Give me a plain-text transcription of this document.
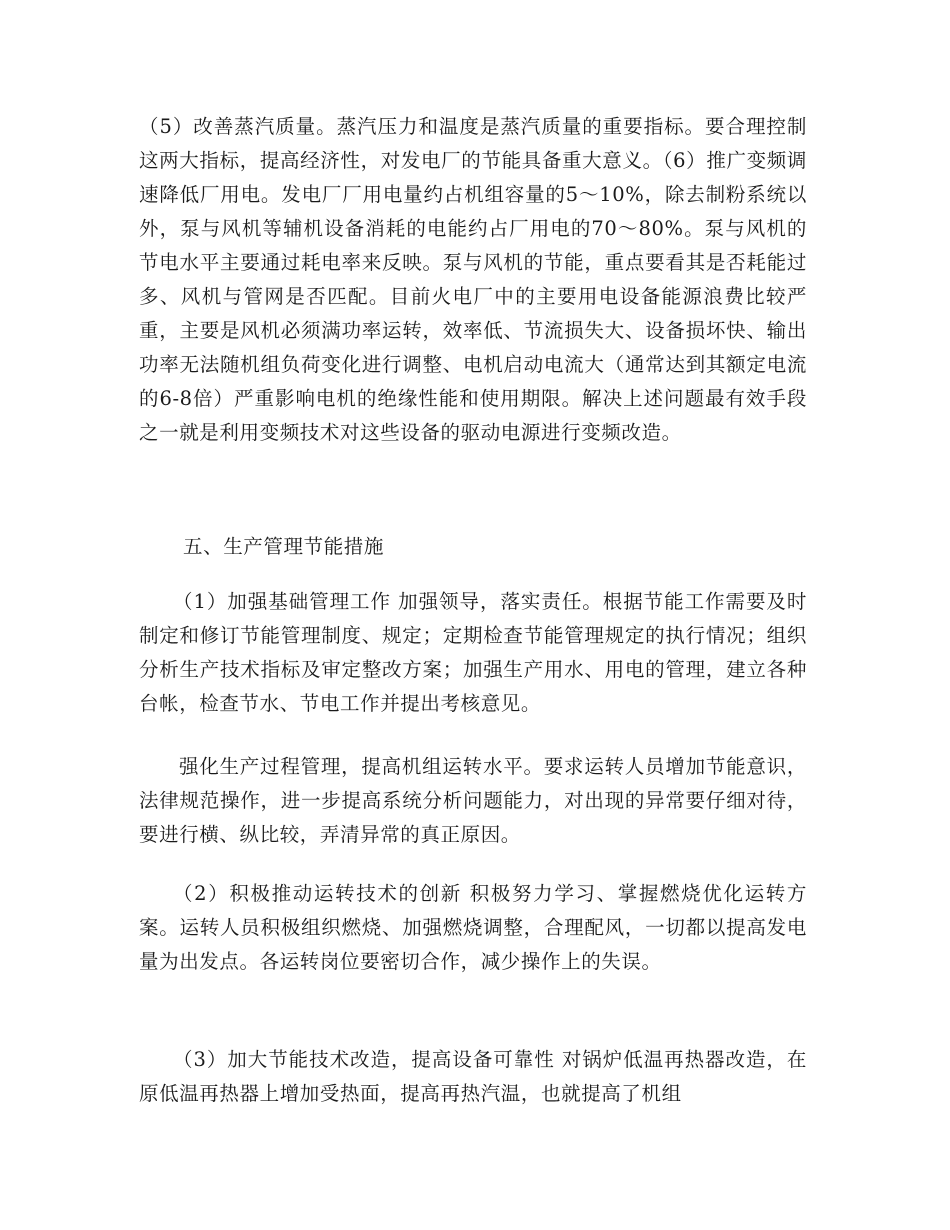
（5）改善蒸汽质量。蒸汽压力和温度是蒸汽质量的重要指标。要合理控制这两大指标，提高经济性，对发电厂的节能具备重大意义。（6）推广变频调速降低厂用电。发电厂厂用电量约占机组容量的5～10%，除去制粉系统以外，泵与风机等辅机设备消耗的电能约占厂用电的70～80%。泵与风机的节电水平主要通过耗电率来反映。泵与风机的节能，重点要看其是否耗能过多、风机与管网是否匹配。目前火电厂中的主要用电设备能源浪费比较严重，主要是风机必须满功率运转，效率低、节流损失大、设备损坏快、输出功率无法随机组负荷变化进行调整、电机启动电流大（通常达到其额定电流的6-8倍）严重影响电机的绝缘性能和使用期限。解决上述问题最有效手段之一就是利用变频技术对这些设备的驱动电源进行变频改造。

五、生产管理节能措施

（1）加强基础管理工作 加强领导，落实责任。根据节能工作需要及时制定和修订节能管理制度、规定；定期检查节能管理规定的执行情况；组织分析生产技术指标及审定整改方案；加强生产用水、用电的管理，建立各种台帐，检查节水、节电工作并提出考核意见。

强化生产过程管理，提高机组运转水平。要求运转人员增加节能意识，法律规范操作，进一步提高系统分析问题能力，对出现的异常要仔细对待，要进行横、纵比较，弄清异常的真正原因。

（2）积极推动运转技术的创新 积极努力学习、掌握燃烧优化运转方案。运转人员积极组织燃烧、加强燃烧调整，合理配风，一切都以提高发电量为出发点。各运转岗位要密切合作，减少操作上的失误。

（3）加大节能技术改造，提高设备可靠性 对锅炉低温再热器改造，在原低温再热器上增加受热面，提高再热汽温，也就提高了机组
